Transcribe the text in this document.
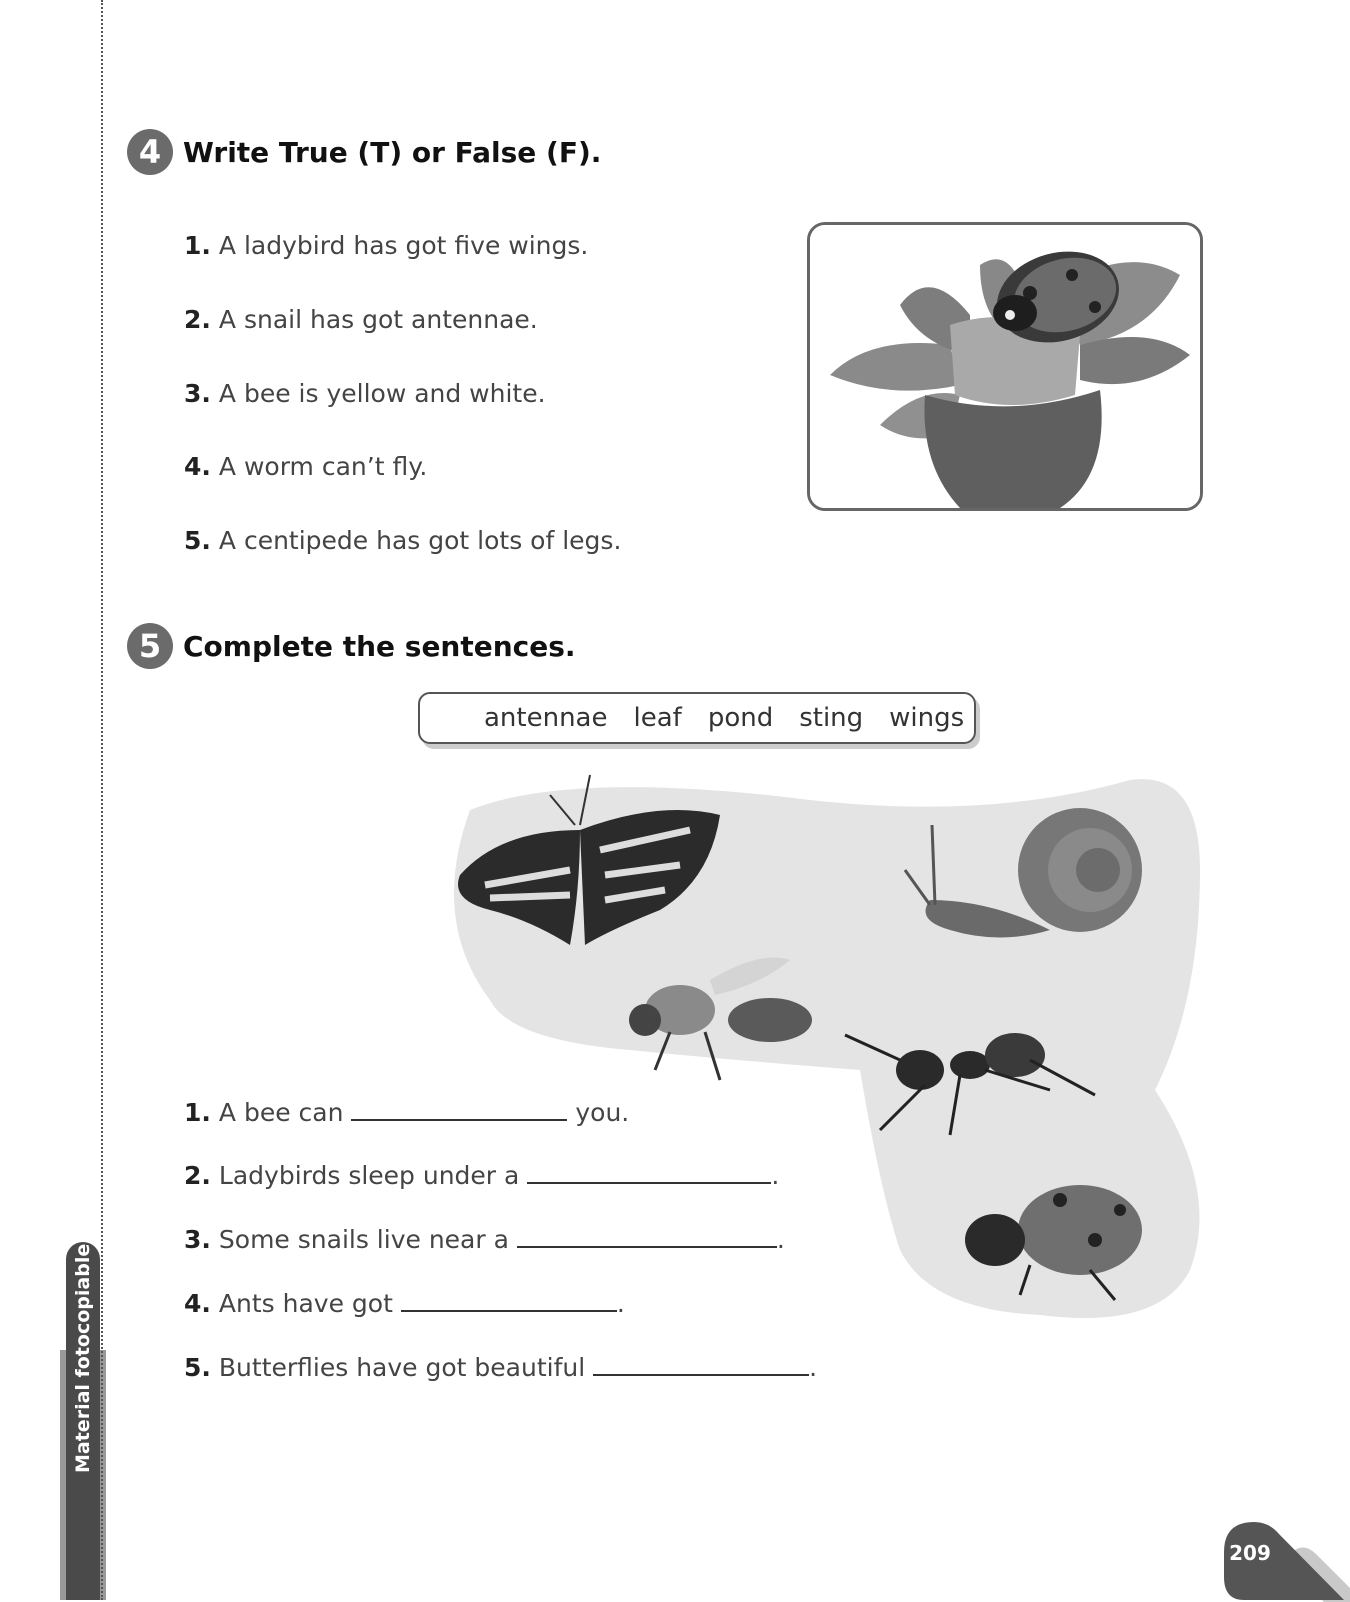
Material fotocopiable
4 Write True (T) or False (F).
1. A ladybird has got five wings.
2. A snail has got antennae.
3. A bee is yellow and white.
4. A worm can’t fly.
5. A centipede has got lots of legs.
5 Complete the sentences.
antennae leaf pond sting wings
1. A bee can	you.
2. Ladybirds sleep under a	.
3. Some snails live near a	.
4. Ants have got	.
5. Butterflies have got beautiful	.
209
